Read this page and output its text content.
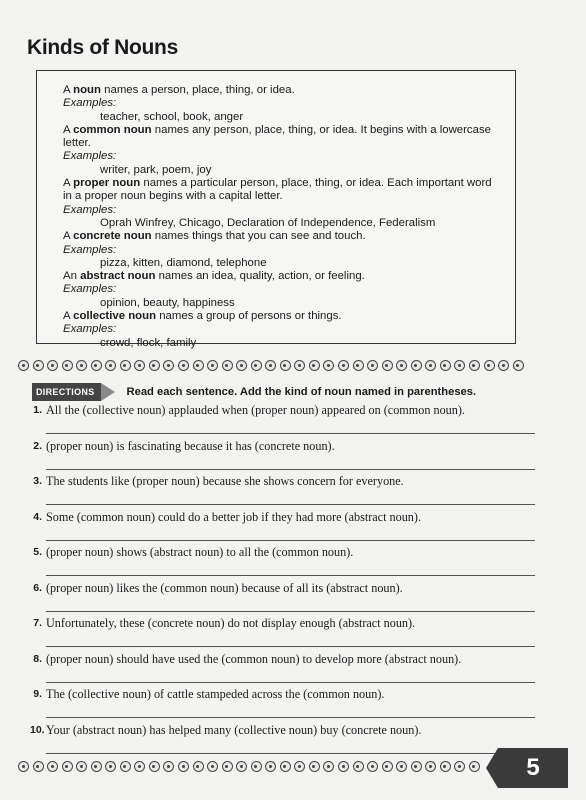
Kinds of Nouns
A noun names a person, place, thing, or idea.
Examples:
teacher, school, book, anger
A common noun names any person, place, thing, or idea. It begins with a lowercase letter.
Examples:
writer, park, poem, joy
A proper noun names a particular person, place, thing, or idea. Each important word
in a proper noun begins with a capital letter.
Examples:
Oprah Winfrey, Chicago, Declaration of Independence, Federalism
A concrete noun names things that you can see and touch.
Examples:
pizza, kitten, diamond, telephone
An abstract noun names an idea, quality, action, or feeling.
Examples:
opinion, beauty, happiness
A collective noun names a group of persons or things.
Examples:
crowd, flock, family
DIRECTIONS	Read each sentence. Add the kind of noun named in parentheses.
1. All the (collective noun) applauded when (proper noun) appeared on (common noun).
2. (proper noun) is fascinating because it has (concrete noun).
3. The students like (proper noun) because she shows concern for everyone.
4. Some (common noun) could do a better job if they had more (abstract noun).
5. (proper noun) shows (abstract noun) to all the (common noun).
6. (proper noun) likes the (common noun) because of all its (abstract noun).
7. Unfortunately, these (concrete noun) do not display enough (abstract noun).
8. (proper noun) should have used the (common noun) to develop more (abstract noun).
9. The (collective noun) of cattle stampeded across the (common noun).
10. Your (abstract noun) has helped many (collective noun) buy (concrete noun).
5
